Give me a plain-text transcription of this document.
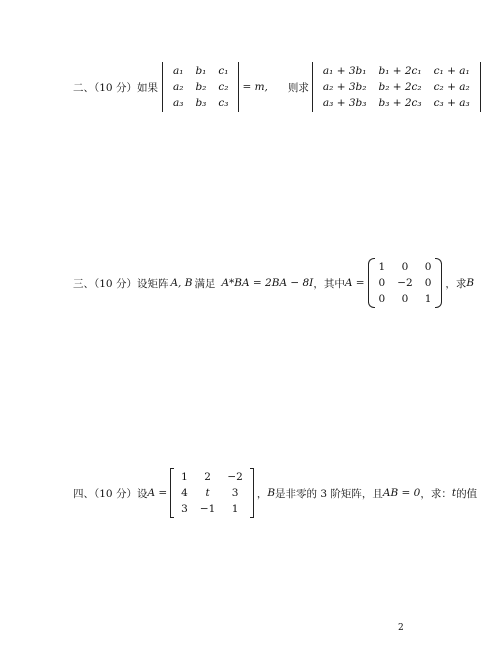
二、（10 分）如果
a₁	b₁	c₁
a₂	b₂	c₂
a₃	b₃	c₃
= m, 则求
a₁ + 3b₁	b₁ + 2c₁	c₁ + a₁
a₂ + 3b₂	b₂ + 2c₂	c₂ + a₂
a₃ + 3b₃	b₃ + 2c₃	c₃ + a₃
三、（10 分）设矩阵 A, B 满足 A*BA = 2BA − 8I ，其中 A =
1	0	0
0	−2	0
0	0	1
，求 B
四、（10 分）设 A =
1	2	−2
4	t	3
3	−1	1
， B 是非零的 3 阶矩阵，且 AB = 0 ，求： t 的值
2
